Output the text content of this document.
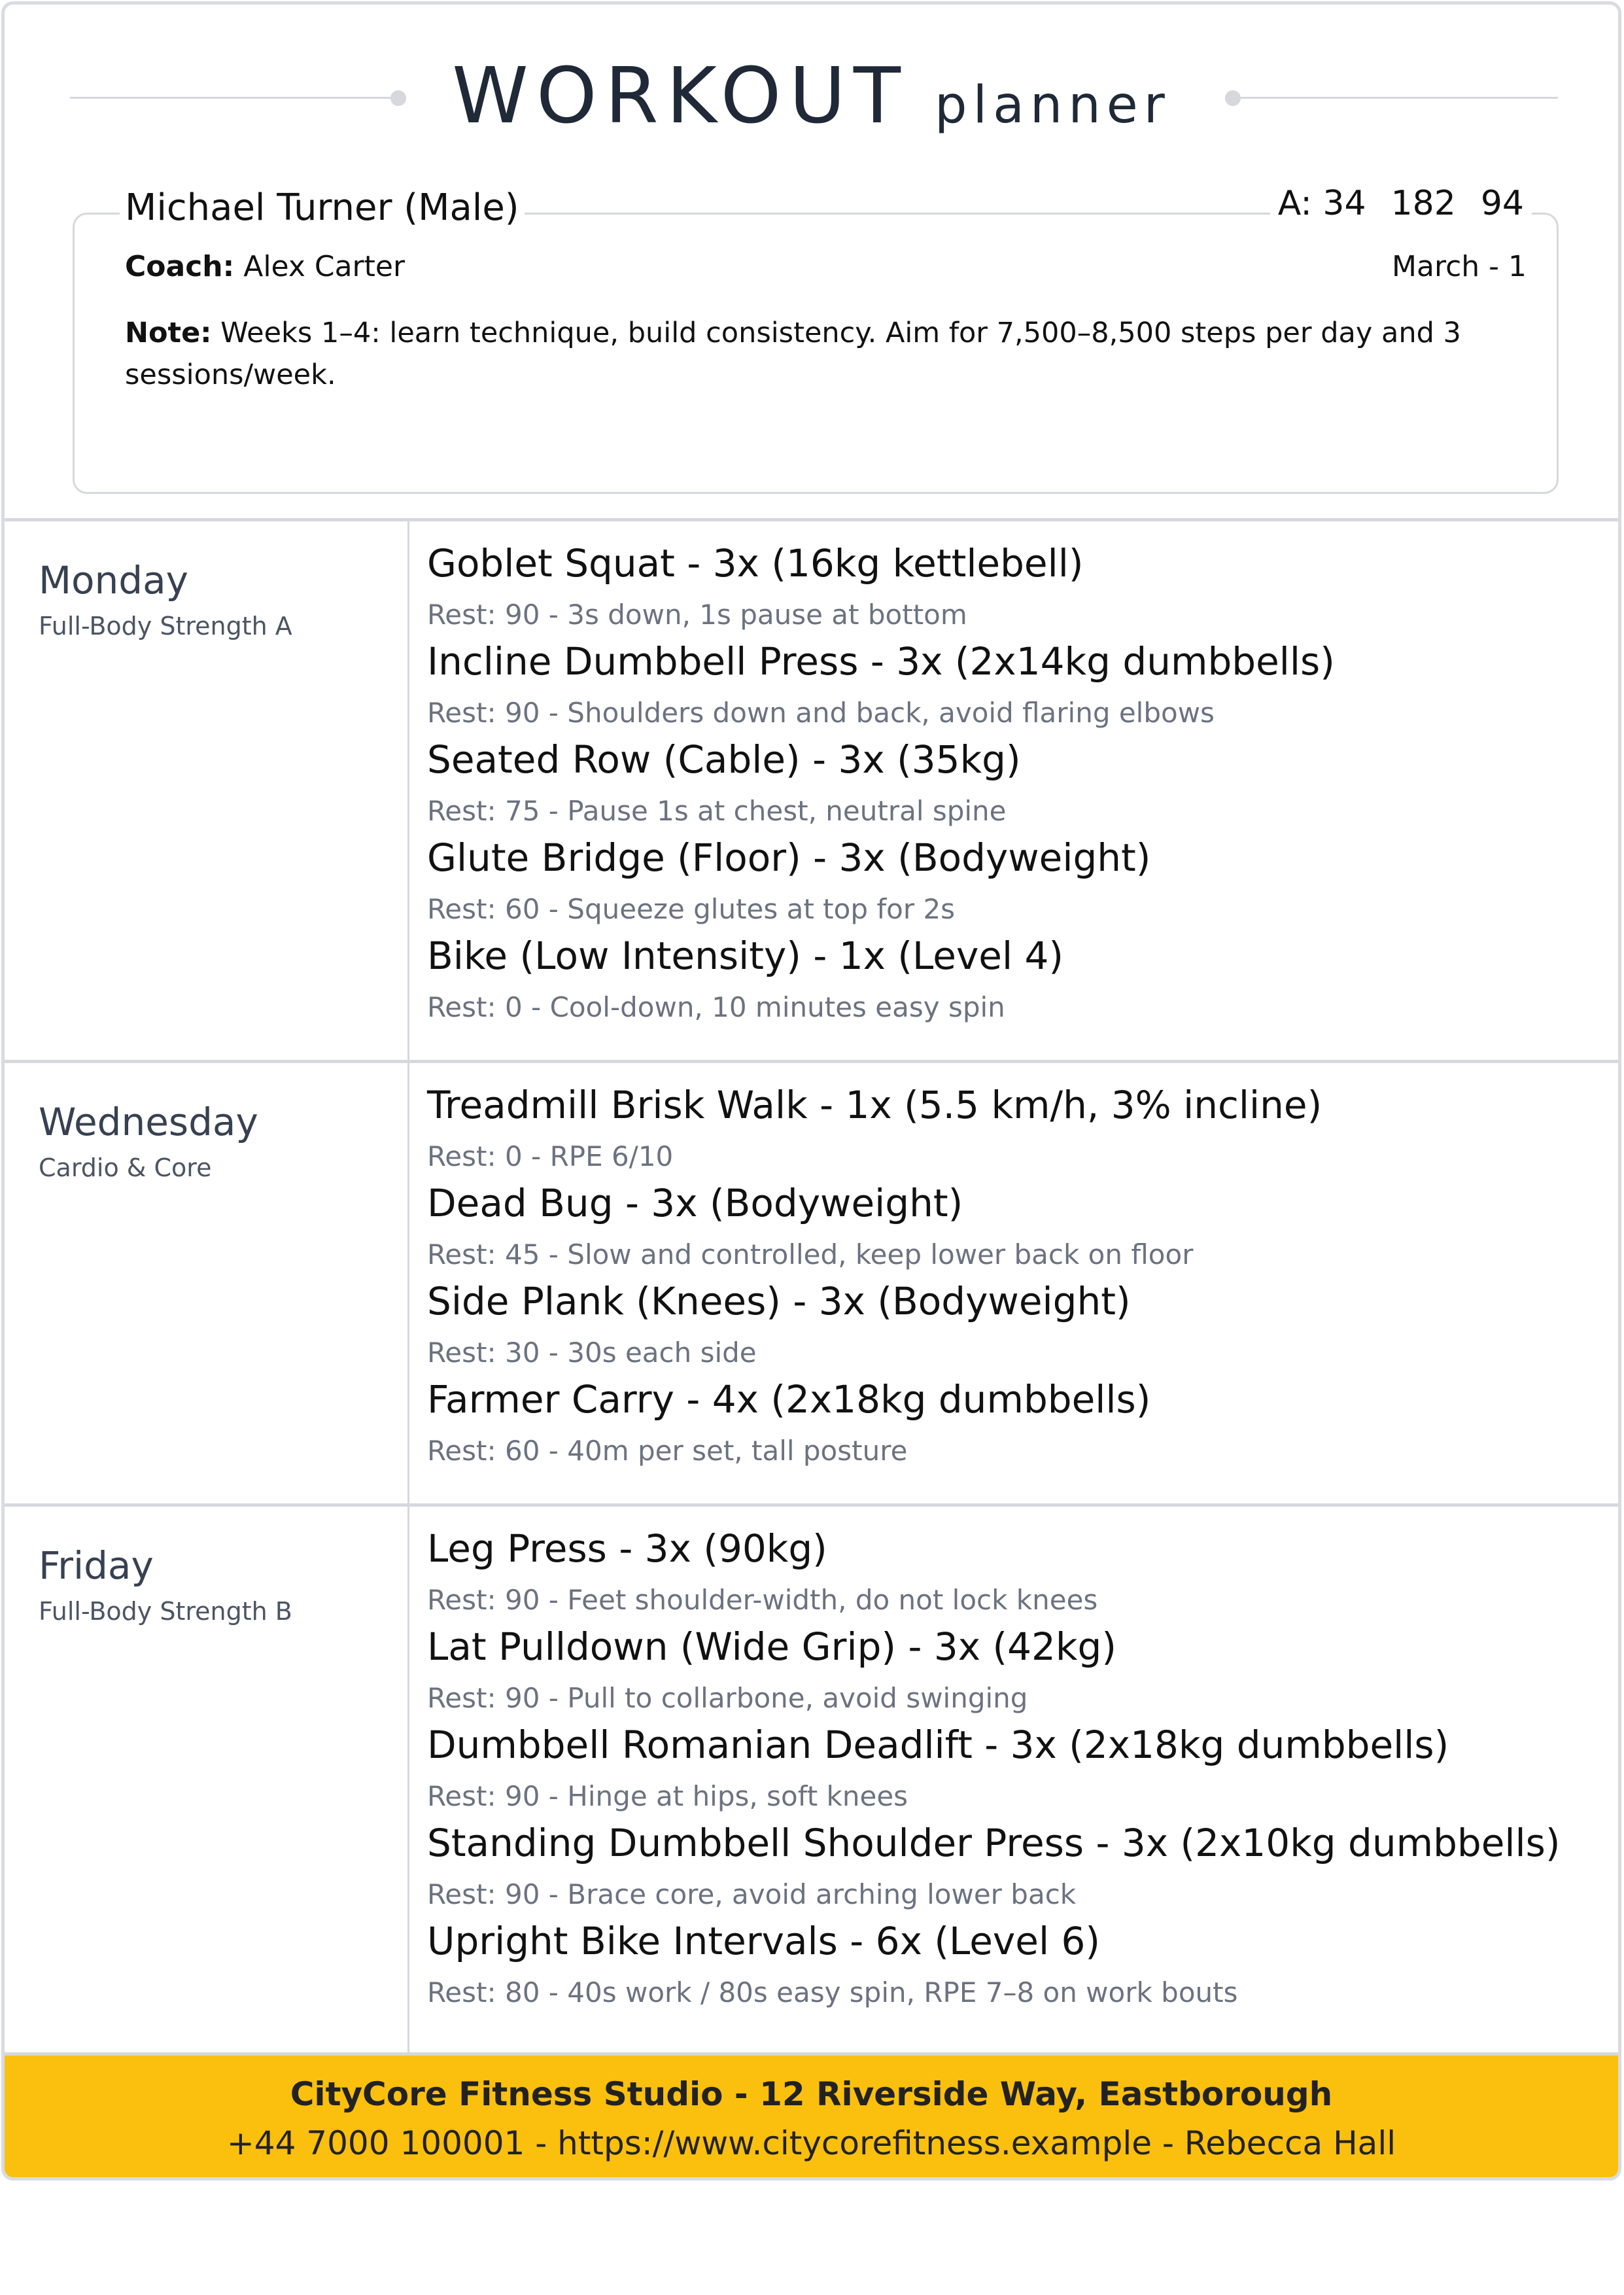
WORKOUT planner
Michael Turner (Male)	A: 34 182 94
Coach: Alex Carter	March - 1
Note: Weeks 1–4: learn technique, build consistency. Aim for 7,500–8,500 steps per day and 3 sessions/week.
Monday
Full-Body Strength A
Goblet Squat - 3x (16kg kettlebell)
Rest: 90 - 3s down, 1s pause at bottom
Incline Dumbbell Press - 3x (2x14kg dumbbells)
Rest: 90 - Shoulders down and back, avoid flaring elbows
Seated Row (Cable) - 3x (35kg)
Rest: 75 - Pause 1s at chest, neutral spine
Glute Bridge (Floor) - 3x (Bodyweight)
Rest: 60 - Squeeze glutes at top for 2s
Bike (Low Intensity) - 1x (Level 4)
Rest: 0 - Cool-down, 10 minutes easy spin
Wednesday
Cardio & Core
Treadmill Brisk Walk - 1x (5.5 km/h, 3% incline)
Rest: 0 - RPE 6/10
Dead Bug - 3x (Bodyweight)
Rest: 45 - Slow and controlled, keep lower back on floor
Side Plank (Knees) - 3x (Bodyweight)
Rest: 30 - 30s each side
Farmer Carry - 4x (2x18kg dumbbells)
Rest: 60 - 40m per set, tall posture
Friday
Full-Body Strength B
Leg Press - 3x (90kg)
Rest: 90 - Feet shoulder-width, do not lock knees
Lat Pulldown (Wide Grip) - 3x (42kg)
Rest: 90 - Pull to collarbone, avoid swinging
Dumbbell Romanian Deadlift - 3x (2x18kg dumbbells)
Rest: 90 - Hinge at hips, soft knees
Standing Dumbbell Shoulder Press - 3x (2x10kg dumbbells)
Rest: 90 - Brace core, avoid arching lower back
Upright Bike Intervals - 6x (Level 6)
Rest: 80 - 40s work / 80s easy spin, RPE 7–8 on work bouts
CityCore Fitness Studio - 12 Riverside Way, Eastborough
+44 7000 100001 - https://www.citycorefitness.example - Rebecca Hall
